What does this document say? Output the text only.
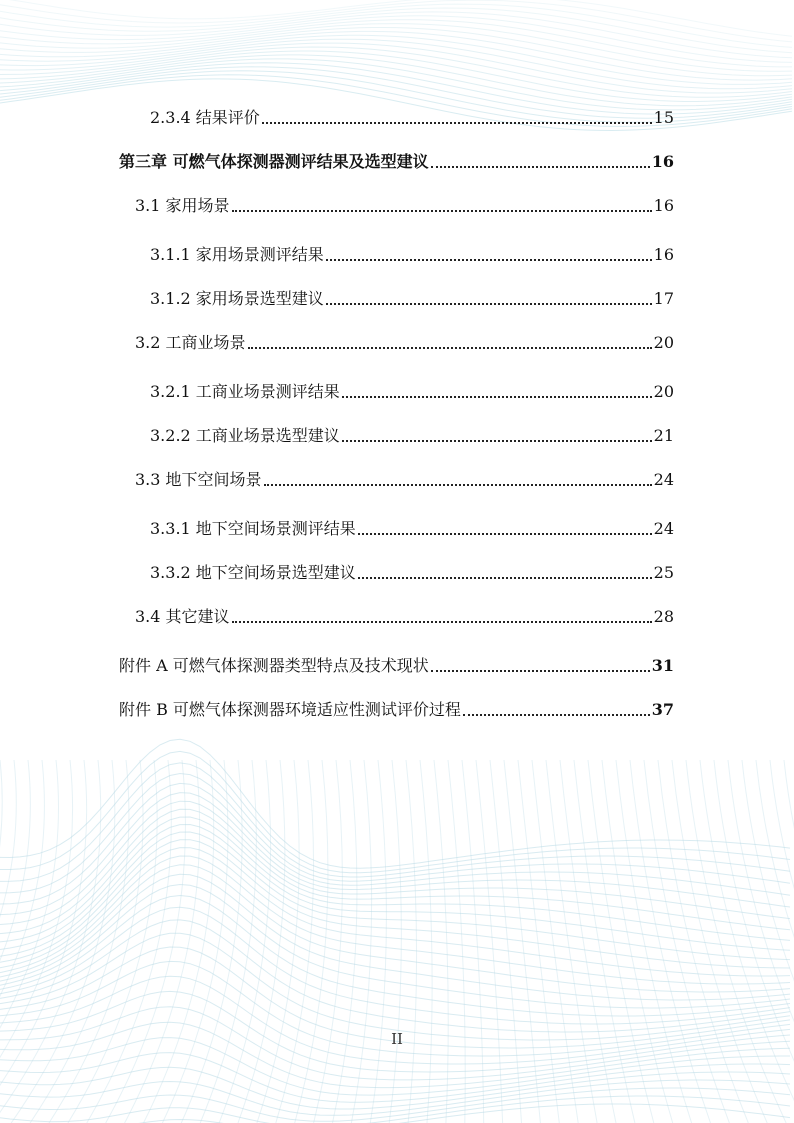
2.3.4 结果评价	15
第三章 可燃气体探测器测评结果及选型建议	16
3.1 家用场景	16
3.1.1 家用场景测评结果	16
3.1.2 家用场景选型建议	17
3.2 工商业场景	20
3.2.1 工商业场景测评结果	20
3.2.2 工商业场景选型建议	21
3.3 地下空间场景	24
3.3.1 地下空间场景测评结果	24
3.3.2 地下空间场景选型建议	25
3.4 其它建议	28
附件 A 可燃气体探测器类型特点及技术现状	31
附件 B 可燃气体探测器环境适应性测试评价过程	37
II
